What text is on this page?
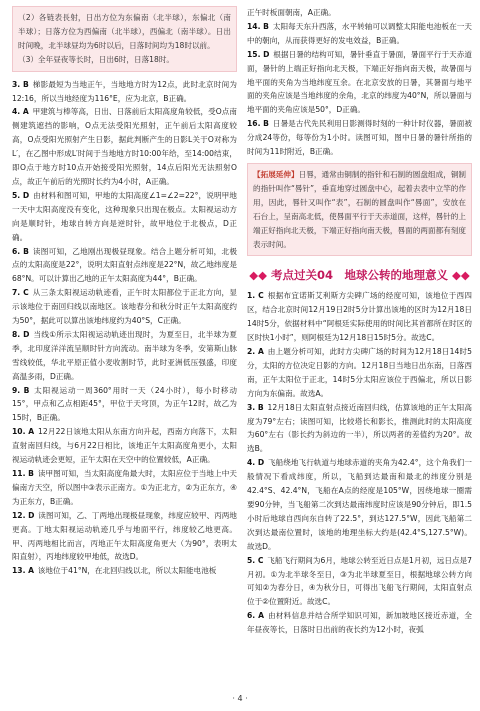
（2）各链表長射，日出方位为东偏南（北半球），东偏北（南半球）；日落方位为西偏南（北半球），西偏北（南半球）。日出时间晚，北半球昼均为6时以后，日落时间均为18时以前。

（3）全年昼夜等长时，日出6时，日落18时。

3. B  梯影最短为当地正午，当地地方时为12点，此时北京时间为12:16，所以当地经度为116°E，应为北京，B正确。

4. A  甲建筑与棒等高，日出、日落前后太阳高度角较低，受O点南侧建筑遮挡的影响，O点无法受阳光照射，正午前后太阳高度较高，O点受阳光照射产生日影，据此判断产生的日影L关于O对称为L′，在乙图中形成L′时间于当地地方时10:00年给，至14:00结束，即O点于地方时10点开始接受阳光照射，14点后阳光无法照射O点，故正午前后的光照时长约为4小时，A正确。

5. D  由材料和图可知，甲地的太阳高度∠1=∠2=22°，说明甲地一天中太阳高度没有变化，这种现象只出现在极点。太阳视运动方向是顺时针，地球自转方向是逆时针，故甲地位于北极点，D正确。

6. B  读图可知，乙地刚出现极昼现象。结合上题分析可知，北极点的太阳高度是22°，说明太阳直射点纬度是22°N，故乙地纬度是68°N。可以计算出乙地的正午太阳高度为44°，B正确。

7. C  从三条太阳视运动轨迹看，正午时太阳都位于正北方向，显示该地位于南回归线以南地区。该地春分和秋分时正午太阳高度约为50°，据此可以算出该地纬度约为40°S，C正确。

8. D  当线①所示太阳视运动轨迹出现时，为夏至日，北半球为夏季，北印度洋洋流呈顺时针方向流动。南半球为冬季，安第斯山脉雪线较低，华北平原正值小麦收割时节，此时亚洲低压强盛，印度高温多雨，D正确。

9. B  太阳视运动一周360°用时一天（24小时），每小时移动15°，甲点和乙点相距45°，甲位于天穹顶，为正午12时，故乙为15时，B正确。

10. A  12月22日该地太阳从东南方向升起，西南方向落下，太阳直射南回归线，与6月22日相比，该地正午太阳高度角更小，太阳视运动轨迹会更短，正午太阳在天空中的位置较低，A正确。

11. B  读甲图可知，当太阳高度角最大时，太阳应位于当地上中天偏南方天空，所以图中③表示正南方。①为正北方，②为正东方，④为正东方，B正确。

12. D  读图可知，乙、丁两地出现极昼现象，纬度应较甲、丙两地更高。丁地太阳视运动轨迹几乎与地面平行，纬度较乙地更高。甲、丙两地相比而言，丙地正午太阳高度角更大（为90°，表明太阳直射），丙地纬度较甲地低，故选D。

13. A  该地位于41°N，在北回归线以北，所以太阳能电池板

正午时板面朝南，A正确。

14. B  太阳每天东升西落，水平转轴可以调整太阳能电池板在一天中的朝向，从而获得更好的发电效益，B正确。

15. D  根据日暑的结构可知，暑针垂直于暑面，暑面平行于天赤道面，暑针的上端正好指向北天极，下端正好指向南天极，故暑面与地平面的夹角为当地纬度互余。在北京安放的日暑，其暑面与地平面的夹角应该是当地纬度的余角，北京的纬度为40°N，所以暑面与地平面的夹角应该是50°，D正确。

16. B  日暑是古代先民利用日影测得时刻的一种计时仪器，暑面被分成24等份，每等份为1小时。读图可知，图中日暑的暑针所指的时间为11时附近，B正确。

【拓展延伸】日晷，通常由铜制的指针和石制的圆盘组成，铜制的指针叫作“晷针”，垂直地穿过圆盘中心，起着去表中立竿的作用，因此，晷针又叫作“表”，石制的圆盘叫作“晷面”，安放在石台上，呈南高北低，使晷面平行于天赤道面，这样，晷针的上端正好指向北天极，下端正好指向南天极，晷面的两面都有刻度表示时间。

◆◆ 考点过关04　地球公转的地理意义 ◆◆

1. C  根据布宜诺斯艾利斯方尖碑广场的经度可知，该地位于西四区，结合北京时间12月19日2时5分计算出该地的区时为12月18日14时5分，依据材料中“阿根廷实际使用的时间比其首都所在时区的区时快1小时”，则阿根廷为12月18日15时5分。故选C。

2. A  由上题分析可知，此时方尖碑广场的时间为12月18日14时5分，太阳的方位决定日影的方向。12月18日当地日出东南，日落西南，正午太阳位于正北，14时5分太阳应该位于西偏北，所以日影方向为东偏南。故选A。

3. B  12月18日太阳直射点接近南回归线，估算该地的正午太阳高度为79°左右；读图可知，比较塔长和影长，推测此时的太阳高度为60°左右（影长约为斜边的一半），所以两者的差值约为20°。故选B。

4. D  飞船绕地飞行轨道与地球赤道的夹角为42.4°，这个角我们一般情况下看成纬度，所以，飞船到达最南和最北的纬度分别是42.4°S、42.4°N，飞船在A点的经度是105°W，因绕地球一圈需要90分钟，当飞船第二次到达最南纬度时应该是90分钟后，即1.5小时后地球自西向东自转了22.5°，到达127.5°W，因此飞船第二次到达最南位置时，该地的地理坐标大约是(42.4°S,127.5°W)。故选D。

5. C  飞船飞行期间为6月，地球公转至近日点是1月初，远日点是7月初。①为北半球冬至日，③为北半球夏至日，根据地球公转方向可知②为春分日，④为秋分日，可得出飞船飞行期间，太阳直射点位于②位置附近。故选C。

6. A  由材料信息并结合所学知识可知，新加坡地区接近赤道，全年昼夜等长，日落时日出前的夜长约为12小时，夜弧

· 4 ·
